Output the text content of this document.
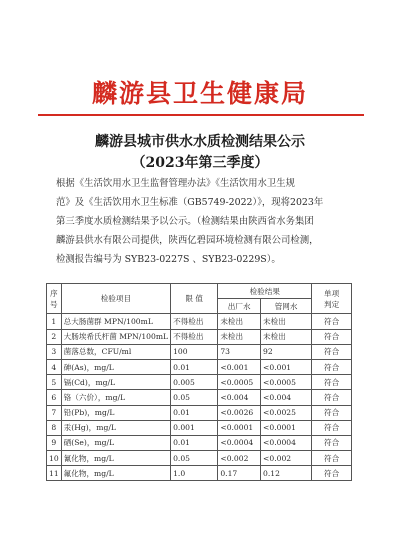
麟游县卫生健康局
麟游县城市供水水质检测结果公示
（2023年第三季度）
根据《生活饮用水卫生监督管理办法》《生活饮用水卫生规
范》及《生活饮用水卫生标准（GB5749-2022）》，现将2023年
第三季度水质检测结果予以公示。（检测结果由陕西省水务集团
麟游县供水有限公司提供，陕西亿碧园环境检测有限公司检测，
检测报告编号为 SYB23-0227S 、SYB23-0229S）。
序
号	检验项目	限 值	检验结果		单项
判定
			出厂水	管网水	
1	总大肠菌群 MPN/100mL	不得检出	未检出	未检出	符合
2	大肠埃希氏杆菌 MPN/100mL	不得检出	未检出	未检出	符合
3	菌落总数，CFU/ml	100	73	92	符合
4	砷(As)，mg/L	0.01	<0.001	<0.001	符合
5	镉(Cd)，mg/L	0.005	<0.0005	<0.0005	符合
6	铬（六价），mg/L	0.05	<0.004	<0.004	符合
7	铅(Pb)，mg/L	0.01	<0.0026	<0.0025	符合
8	汞(Hg)，mg/L	0.001	<0.0001	<0.0001	符合
9	硒(Se)，mg/L	0.01	<0.0004	<0.0004	符合
10	氰化物，mg/L	0.05	<0.002	<0.002	符合
11	氟化物，mg/L	1.0	0.17	0.12	符合
